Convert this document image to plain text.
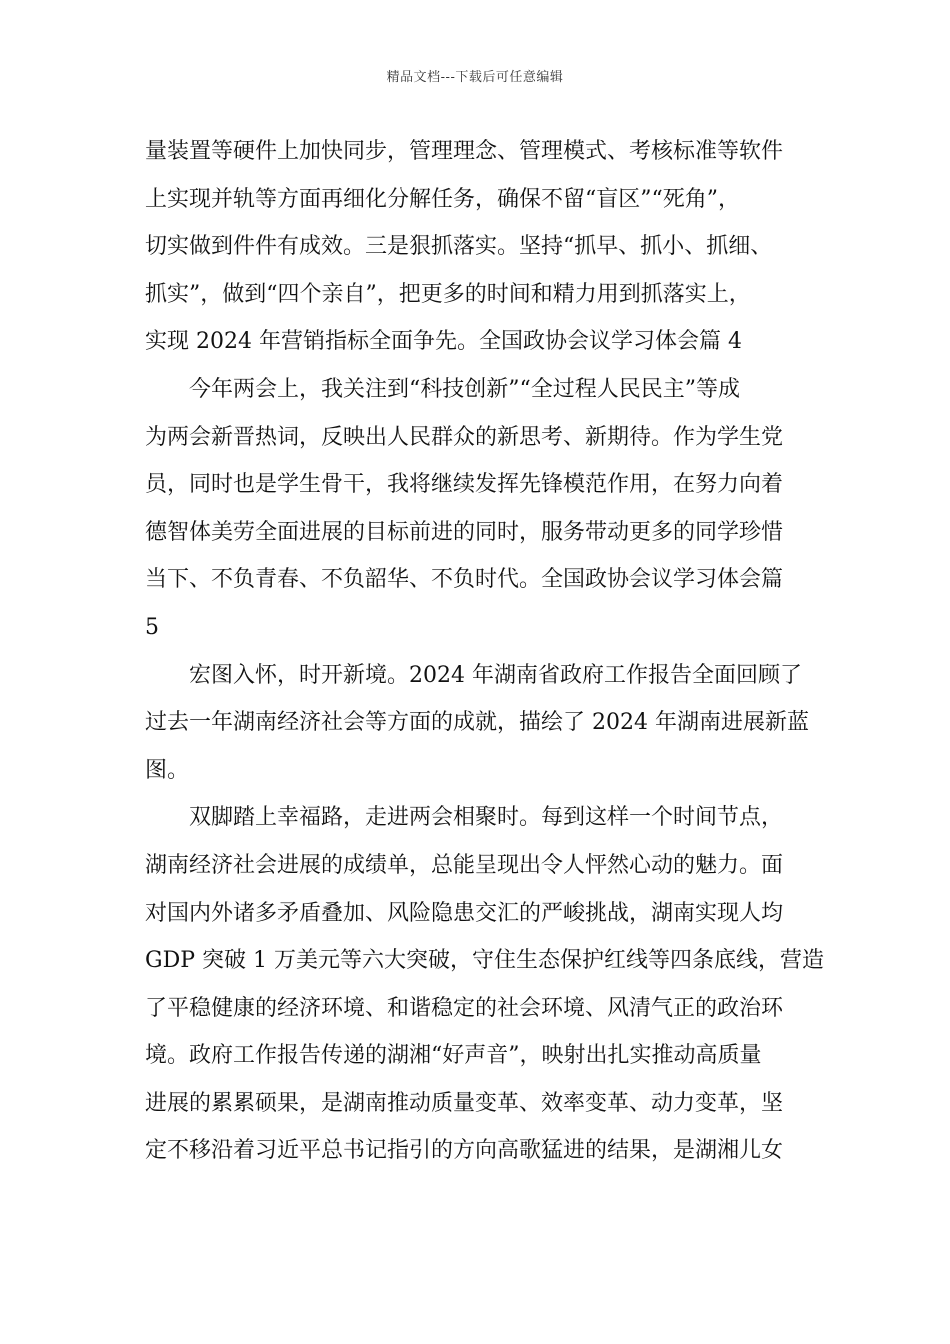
精品文档---下载后可任意编辑
量装置等硬件上加快同步，管理理念、管理模式、考核标准等软件
上实现并轨等方面再细化分解任务，确保不留“盲区”“死角”，
切实做到件件有成效。三是狠抓落实。坚持“抓早、抓小、抓细、
抓实”，做到“四个亲自”，把更多的时间和精力用到抓落实上，
实现 2024 年营销指标全面争先。全国政协会议学习体会篇 4
今年两会上，我关注到“科技创新”“全过程人民民主”等成
为两会新晋热词，反映出人民群众的新思考、新期待。作为学生党
员，同时也是学生骨干，我将继续发挥先锋模范作用，在努力向着
德智体美劳全面进展的目标前进的同时，服务带动更多的同学珍惜
当下、不负青春、不负韶华、不负时代。全国政协会议学习体会篇
5
宏图入怀，时开新境。2024 年湖南省政府工作报告全面回顾了
过去一年湖南经济社会等方面的成就，描绘了 2024 年湖南进展新蓝
图。
双脚踏上幸福路，走进两会相聚时。每到这样一个时间节点，
湖南经济社会进展的成绩单，总能呈现出令人怦然心动的魅力。面
对国内外诸多矛盾叠加、风险隐患交汇的严峻挑战，湖南实现人均
GDP 突破 1 万美元等六大突破，守住生态保护红线等四条底线，营造
了平稳健康的经济环境、和谐稳定的社会环境、风清气正的政治环
境。政府工作报告传递的湖湘“好声音”，映射出扎实推动高质量
进展的累累硕果，是湖南推动质量变革、效率变革、动力变革，坚
定不移沿着习近平总书记指引的方向高歌猛进的结果，是湖湘儿女
